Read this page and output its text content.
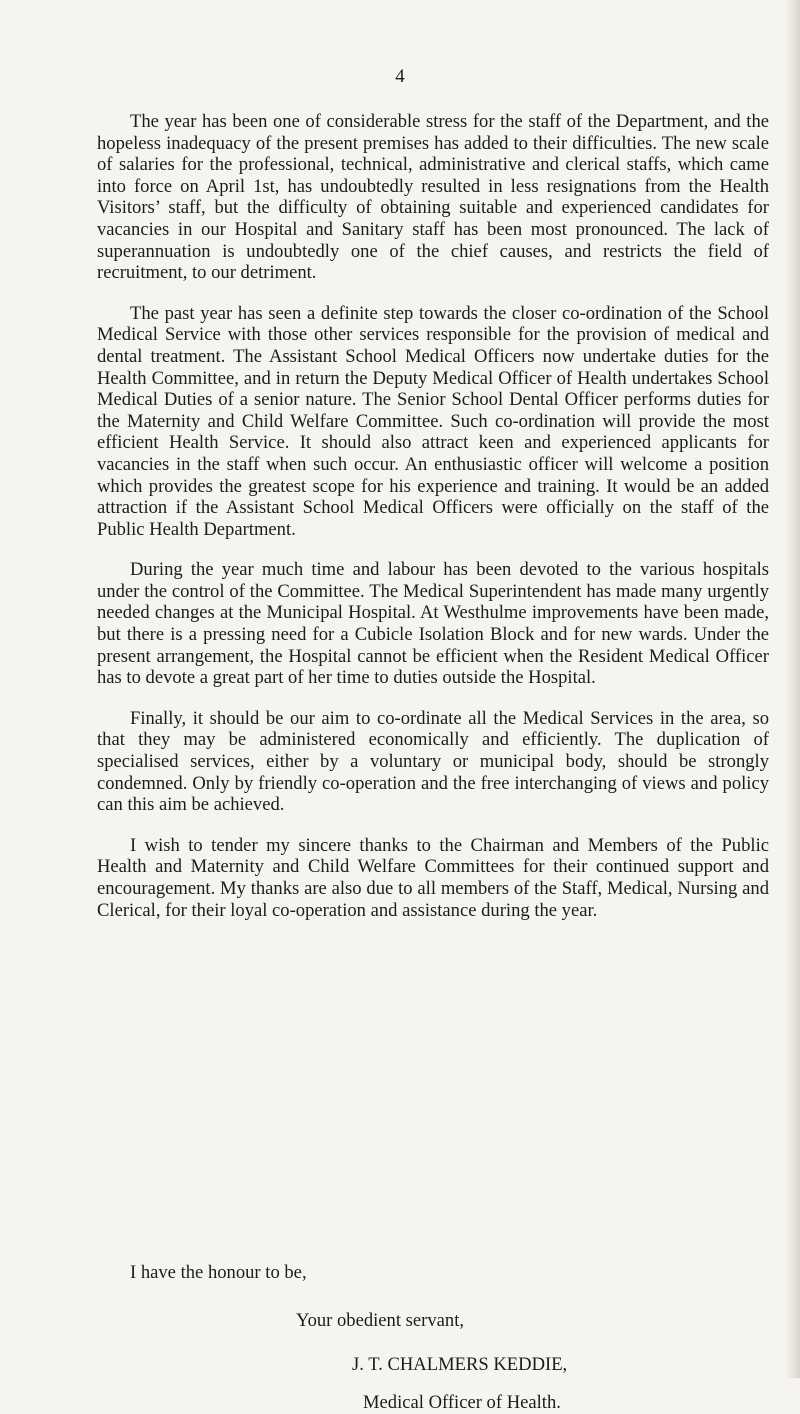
4

The year has been one of considerable stress for the staff of the Department, and the hopeless inadequacy of the present premises has added to their difficulties. The new scale of salaries for the professional, technical, administrative and clerical staffs, which came into force on April 1st, has undoubtedly resulted in less resignations from the Health Visitors’ staff, but the difficulty of obtaining suitable and experienced candidates for vacancies in our Hospital and Sanitary staff has been most pronounced. The lack of superannuation is undoubtedly one of the chief causes, and restricts the field of recruitment, to our detriment.

The past year has seen a definite step towards the closer co-ordination of the School Medical Service with those other services responsible for the provision of medical and dental treatment. The Assistant School Medical Officers now undertake duties for the Health Committee, and in return the Deputy Medical Officer of Health undertakes School Medical Duties of a senior nature. The Senior School Dental Officer performs duties for the Maternity and Child Welfare Committee. Such co-ordination will provide the most efficient Health Service. It should also attract keen and experienced applicants for vacancies in the staff when such occur. An enthusiastic officer will welcome a position which provides the greatest scope for his experience and training. It would be an added attraction if the Assistant School Medical Officers were officially on the staff of the Public Health Department.

During the year much time and labour has been devoted to the various hospitals under the control of the Committee. The Medical Superintendent has made many urgently needed changes at the Municipal Hospital. At Westhulme improvements have been made, but there is a pressing need for a Cubicle Isolation Block and for new wards. Under the present arrangement, the Hospital cannot be efficient when the Resident Medical Officer has to devote a great part of her time to duties outside the Hospital.

Finally, it should be our aim to co-ordinate all the Medical Services in the area, so that they may be administered economically and efficiently. The duplication of specialised services, either by a voluntary or municipal body, should be strongly condemned. Only by friendly co-operation and the free interchanging of views and policy can this aim be achieved.

I wish to tender my sincere thanks to the Chairman and Members of the Public Health and Maternity and Child Welfare Committees for their continued support and encouragement. My thanks are also due to all members of the Staff, Medical, Nursing and Clerical, for their loyal co-operation and assistance during the year.

I have the honour to be,
Your obedient servant,
J. T. CHALMERS KEDDIE,
Medical Officer of Health.
